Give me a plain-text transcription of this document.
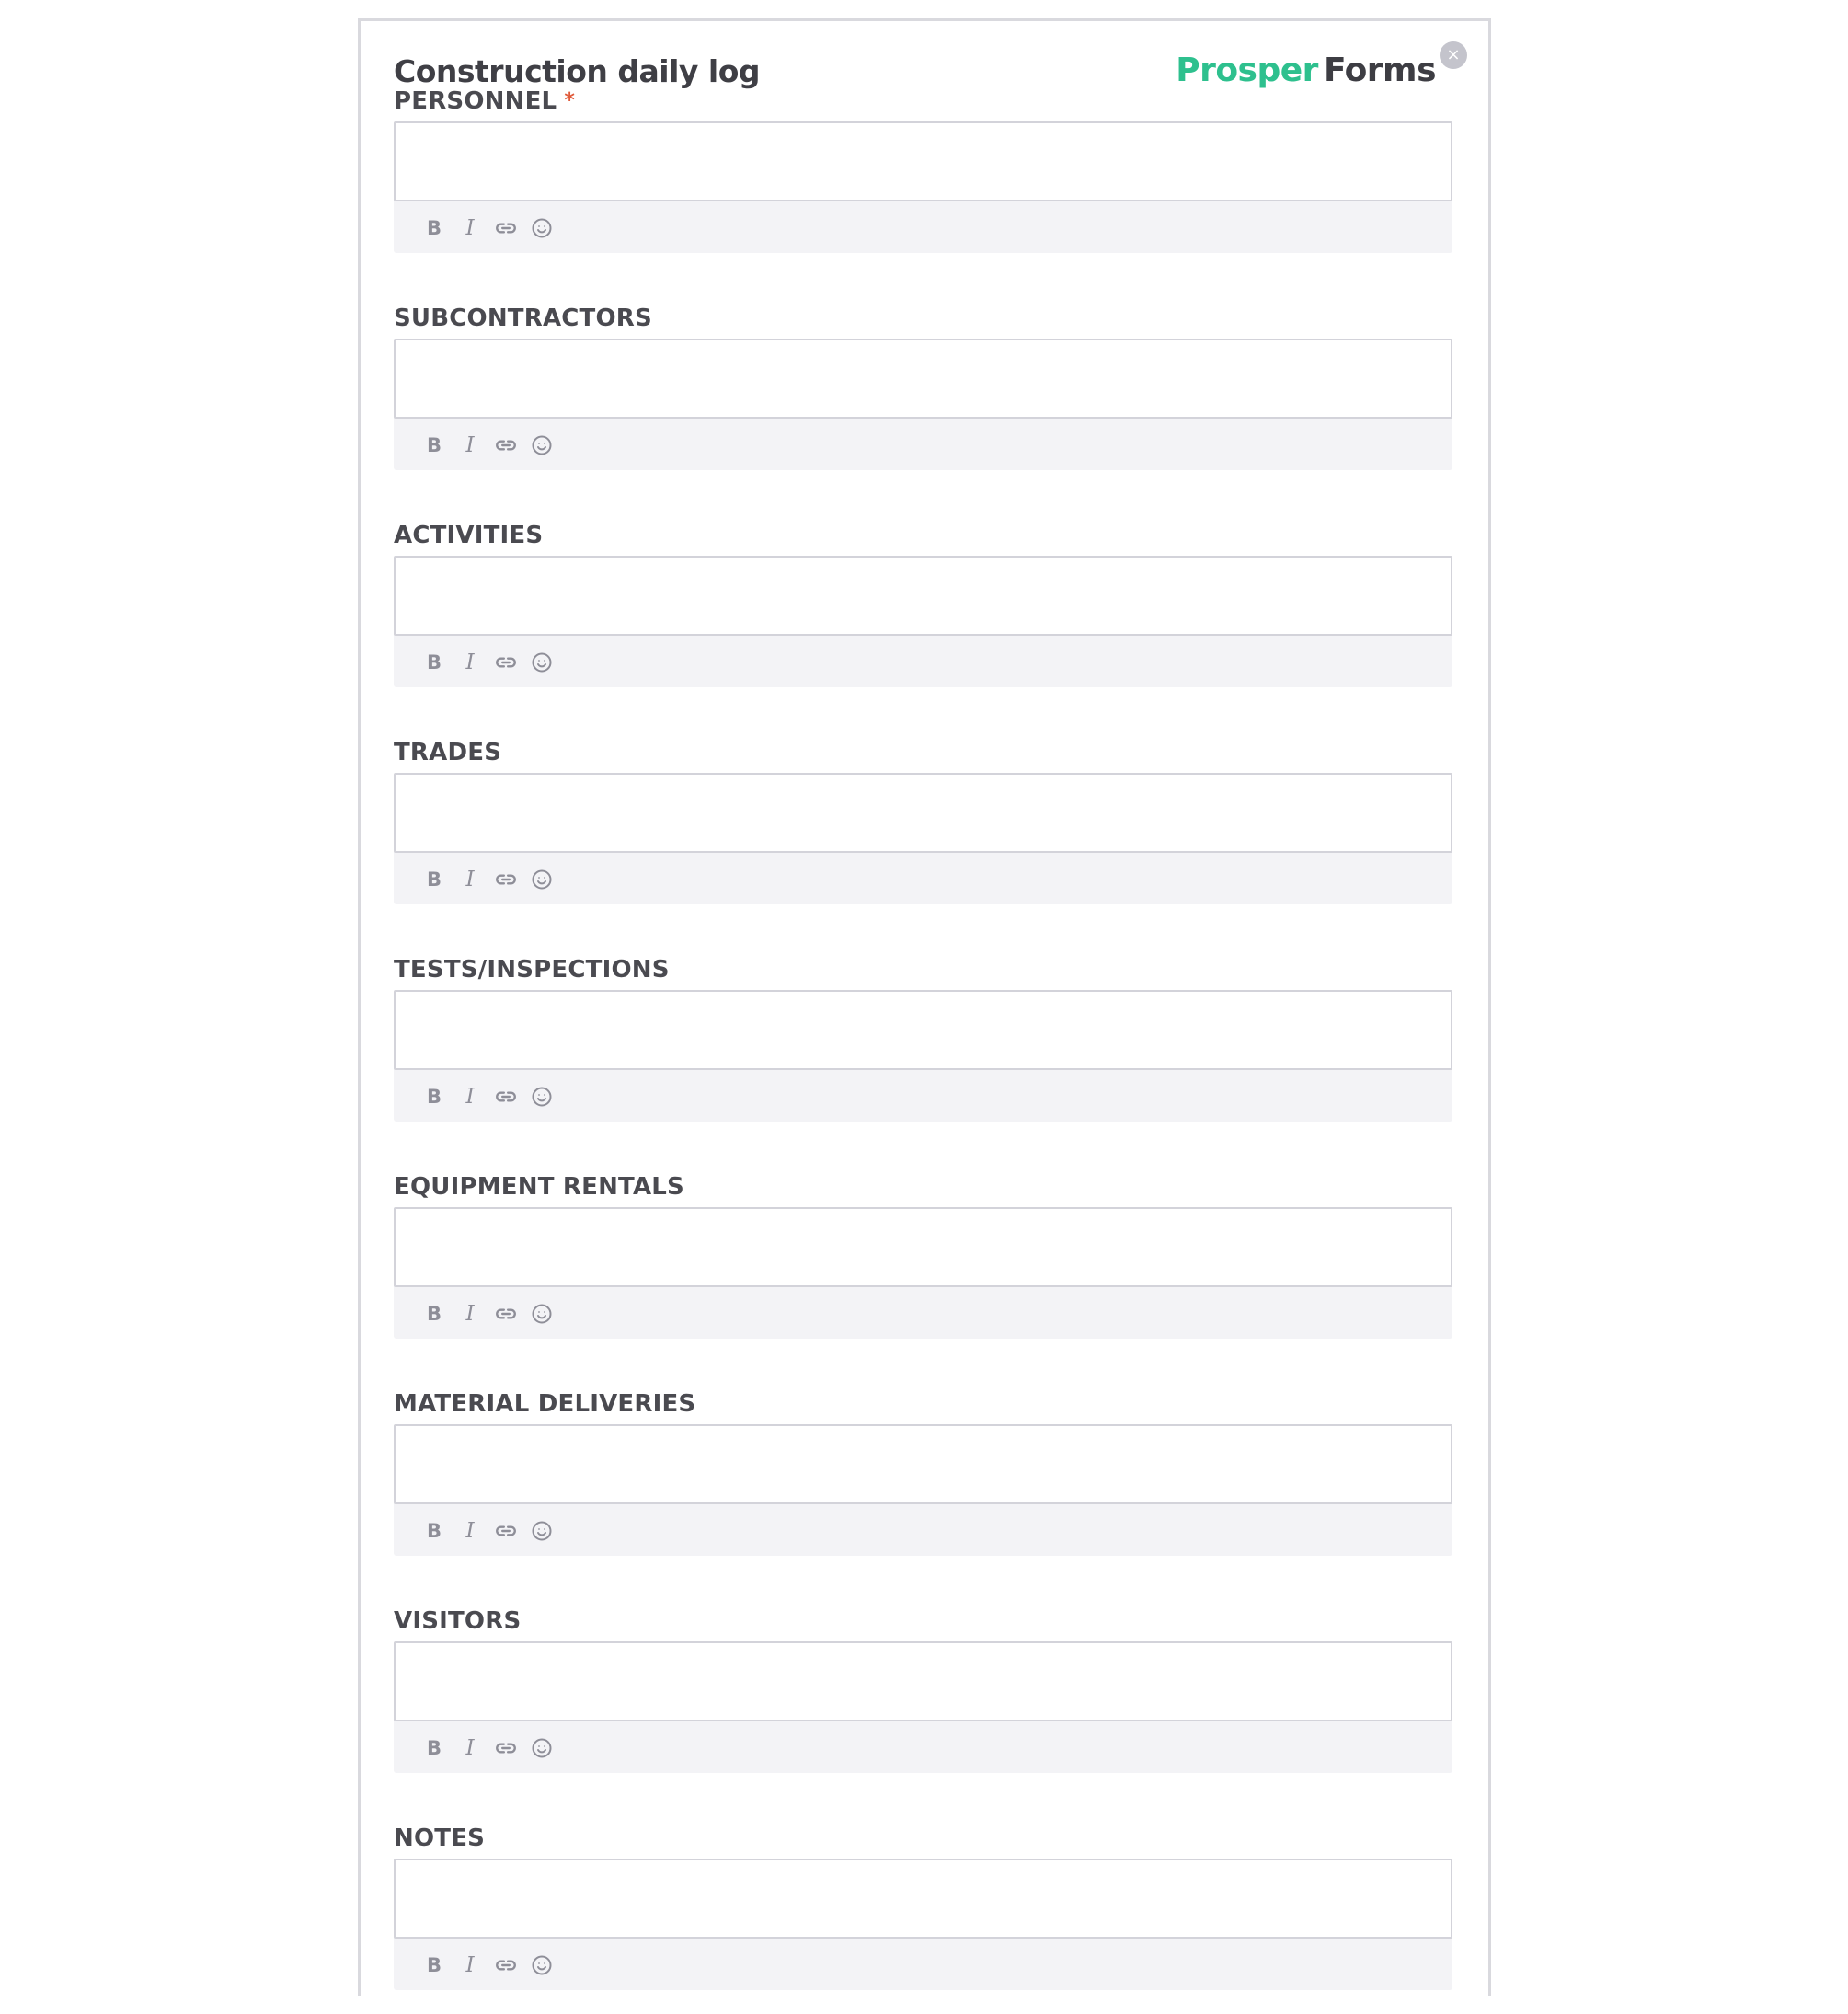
Construction daily log	Prosper Forms ×
PERSONNEL *
B I
SUBCONTRACTORS
B I
ACTIVITIES
B I
TRADES
B I
TESTS/INSPECTIONS
B I
EQUIPMENT RENTALS
B I
MATERIAL DELIVERIES
B I
VISITORS
B I
NOTES
B I
